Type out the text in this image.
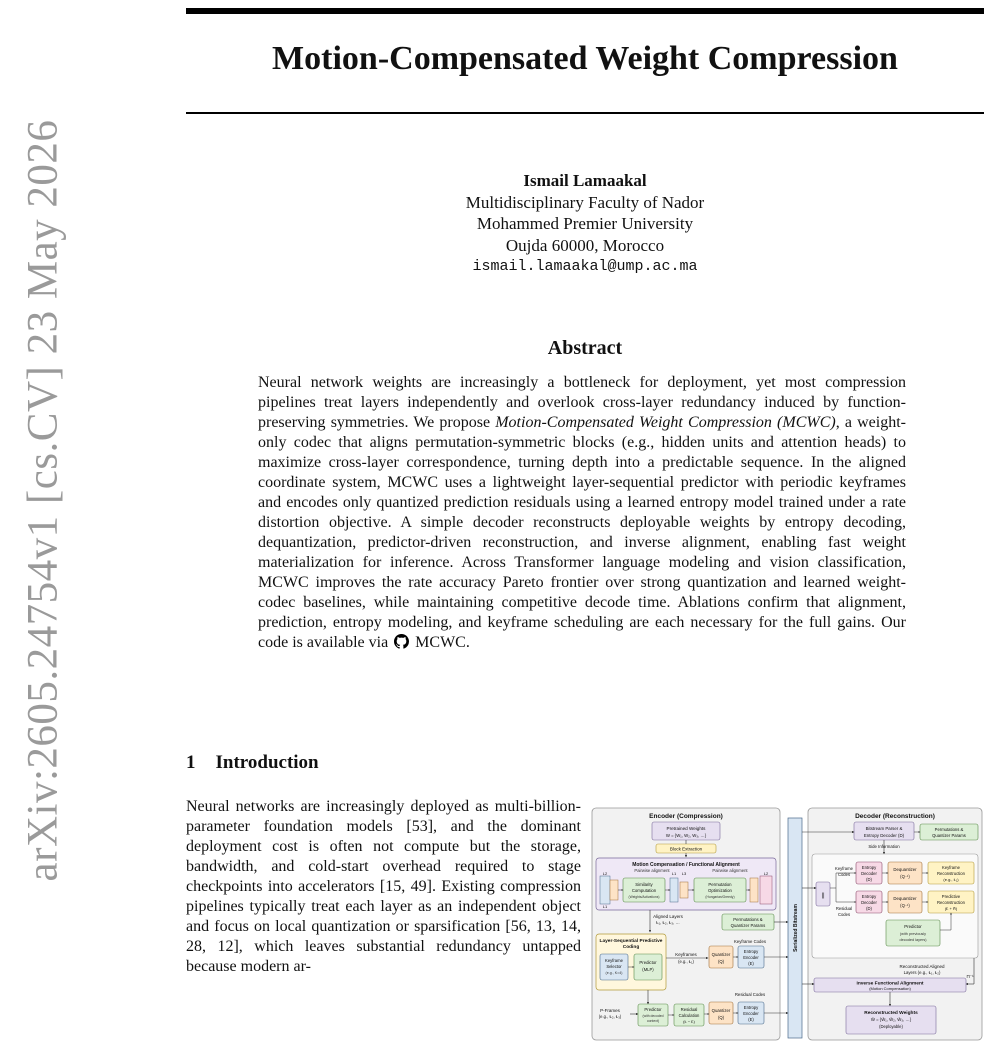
arXiv:2605.24754v1 [cs.CV] 23 May 2026
Motion-Compensated Weight Compression
Ismail Lamaakal
Multidisciplinary Faculty of Nador
Mohammed Premier University
Oujda 60000, Morocco
ismail.lamaakal@ump.ac.ma
Abstract

Neural network weights are increasingly a bottleneck for deployment, yet most compression pipelines treat layers independently and overlook cross-layer redundancy induced by function-preserving symmetries. We propose Motion-Compensated Weight Compression (MCWC), a weight-only codec that aligns permutation-symmetric blocks (e.g., hidden units and attention heads) to maximize cross-layer correspondence, turning depth into a predictable sequence. In the aligned coordinate system, MCWC uses a lightweight layer-sequential predictor with periodic keyframes and encodes only quantized prediction residuals using a learned entropy model trained under a rate distortion objective. A simple decoder reconstructs deployable weights by entropy decoding, dequantization, predictor-driven reconstruction, and inverse alignment, enabling fast weight materialization for inference. Across Transformer language modeling and vision classification, MCWC improves the rate accuracy Pareto frontier over strong quantization and learned weight-codec baselines, while maintaining competitive decode time. Ablations confirm that alignment, prediction, entropy modeling, and keyframe scheduling are each necessary for the full gains. Our code is available via MCWC.

1 Introduction

Neural networks are increasingly deployed as multi-billion-parameter foundation models [53], and the dominant deployment cost is often not compute but the storage, bandwidth, and cold-start overhead required to stage checkpoints into accelerators [15, 49]. Existing compression pipelines typically treat each layer as an independent object and focus on local quantization or sparsification [56, 13, 14, 28, 12], which leaves substantial redundancy untapped because modern ar-

Encoder (Compression)
Pretrained Weights
W = {W₁, W₂, W₃, …}
Block Extraction
Motion Compensation / Functional Alignment
Pairwise alignment	Pairwise alignment
L2
L1
Similarity
Computation
(Weights/Activations)
L1 L3
Permutation
Optimization
(Hungarian/Greedy)
L2
Aligned Layers
Ł₁, Ł₂, Ł₃, …
Permutations &
Quantizer Params
Layer-Sequential Predictive
Coding
Keyframe
Selector
(e.g., K=4)
Predictor
(MLP)
Keyframes
(e.g., Ł₁)
Keyframe Codes
Quantizer
(Q)
Entropy
Encoder
(E)
Residual Codes
P-Frames
(e.g., Ł₂, Ł₃)
Predictor
(with decoded
context)
Residual
Calculation
(Ł − Ł̂)
Quantizer
(Q)
Entropy
Encoder
(E)
Serialized Bitstream
Decoder (Reconstruction)
Bitstream Parser &
Entropy Decoder (D)
Permutations &
Quantizer Params
Side Information
||
Keyframe
Codes
Residual
Codes
Entropy
Decoder
(D)
Dequantizer
(Q⁻¹)
Keyframe
Reconstruction
(e.g., Ł₁)
Entropy
Decoder
(D)
Dequantizer
(Q⁻¹)
Predictive
Reconstruction
(Ł̂ + R̂)
Predictor
(with previously
decoded layers)
Reconstructed Aligned
Layers (e.g., Ł₁, Ł₂)
Π⁻¹
Inverse Functional Alignment
(Motion Compensation)
Reconstructed Weights
Ŵ = {Ŵ₁, Ŵ₂, Ŵ₃, …}
(Deployable)
